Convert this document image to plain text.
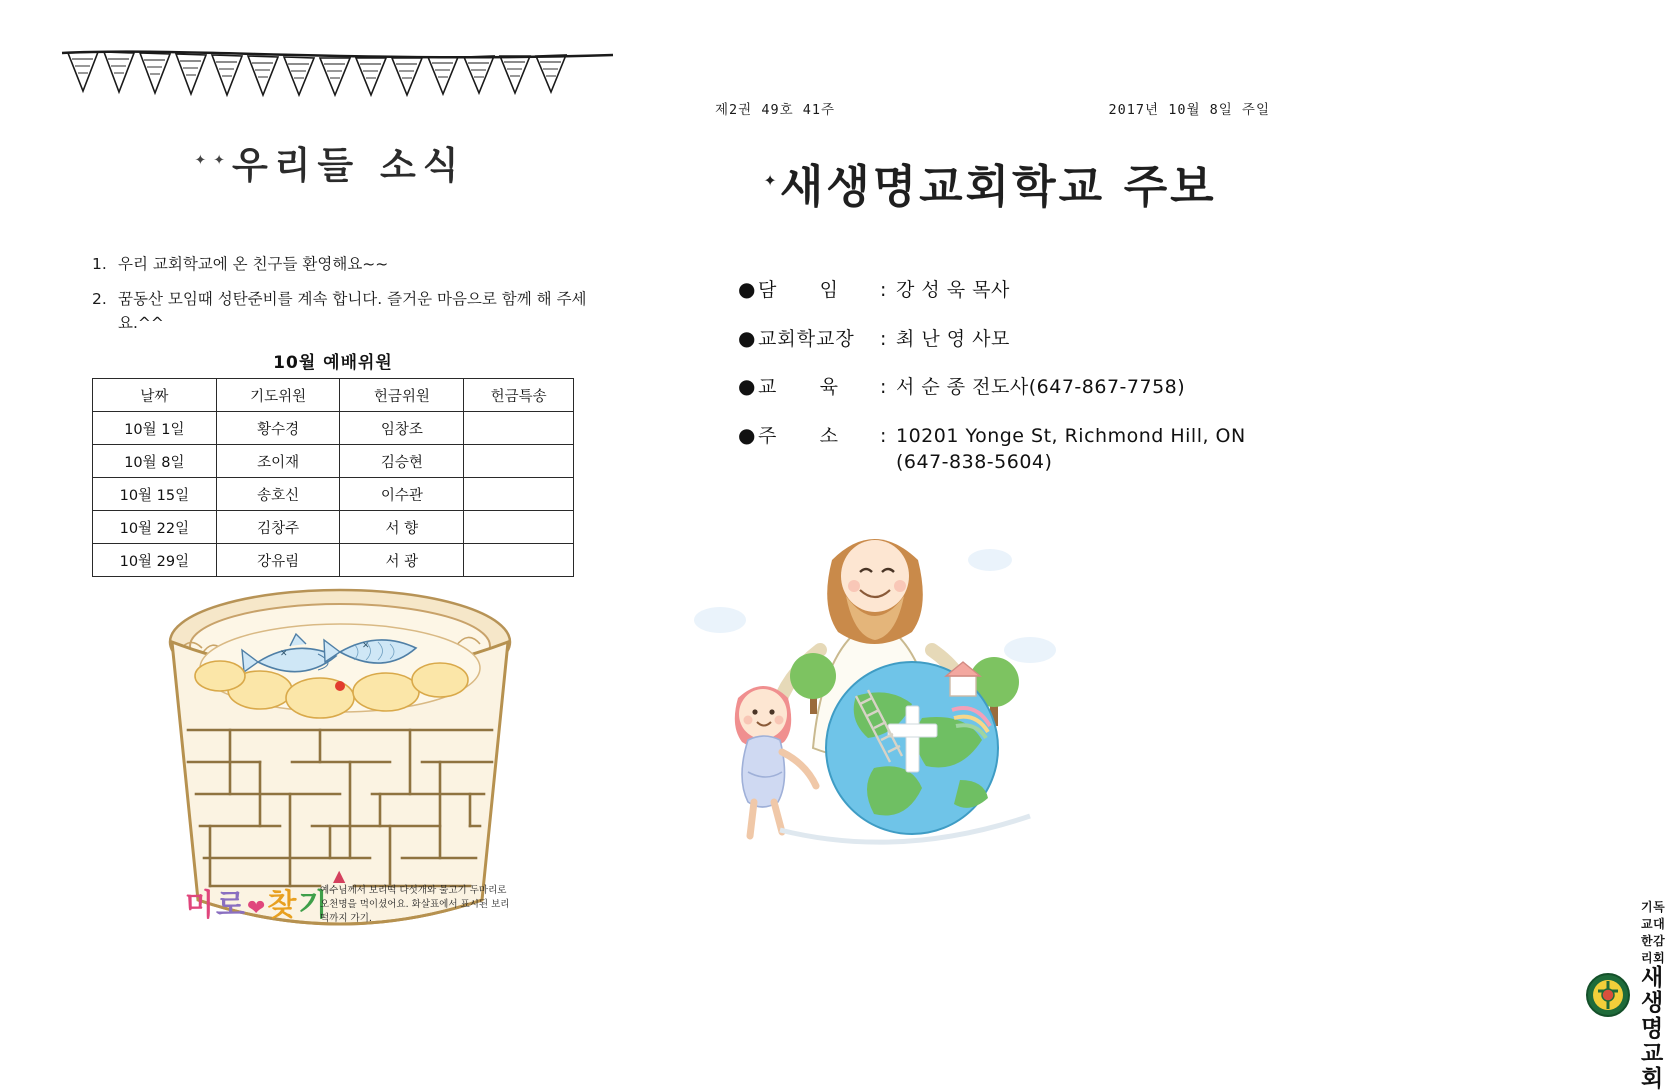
✦✦우리들 소식
1. 우리 교회학교에 온 친구들 환영해요~~
2. 꿈동산 모임때 성탄준비를 계속 합니다. 즐거운 마음으로 함께 해 주세요.^^
10월 예배위원
날짜	기도위원	헌금위원	헌금특송
10월 1일	황수경	임창조	
10월 8일	조이재	김승현	
10월 15일	송호신	이수관	
10월 22일	김창주	서 향	
10월 29일	강유림	서 광	
✕
✕
미로❤찾기
▲
예수님께서 보리떡 다섯개와 물고기 두마리로 오천명을 먹이셨어요. 화살표에서 표시된 보리떡까지 가기.
제2권 49호 41주	2017년 10월 8일 주일
✦새생명교회학교 주보
● 담      임	: 강 성 욱 목사
● 교회학교장	: 최 난 영 사모
● 교      육	: 서 순 종 전도사(647-867-7758)
● 주      소	: 10201 Yonge St, Richmond Hill, ON
(647-838-5604)
기독교대한감리회
새생명교회
